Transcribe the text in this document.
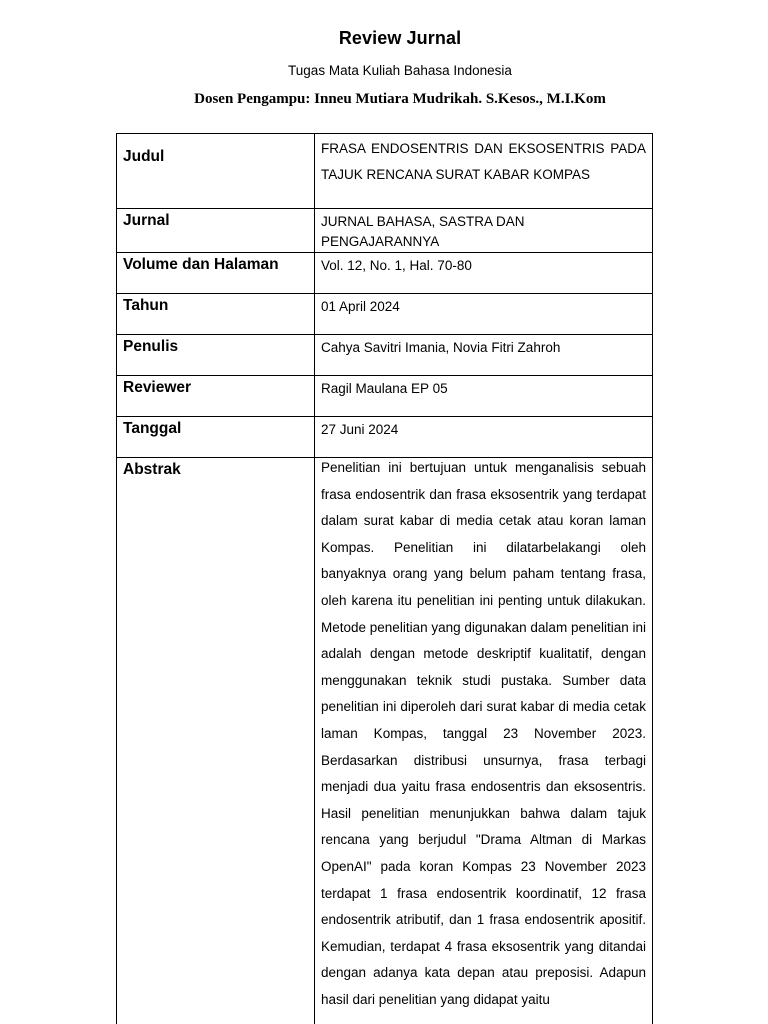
Review Jurnal
Tugas Mata Kuliah Bahasa Indonesia
Dosen Pengampu: Inneu Mutiara Mudrikah. S.Kesos., M.I.Kom
Judul	FRASA ENDOSENTRIS DAN EKSOSENTRIS PADA TAJUK RENCANA SURAT KABAR KOMPAS
Jurnal	JURNAL BAHASA, SASTRA DAN PENGAJARANNYA
Volume dan Halaman	Vol. 12, No. 1, Hal. 70-80
Tahun	01 April 2024
Penulis	Cahya Savitri Imania, Novia Fitri Zahroh
Reviewer	Ragil Maulana EP 05
Tanggal	27 Juni 2024
Abstrak	Penelitian ini bertujuan untuk menganalisis sebuah frasa endosentrik dan frasa eksosentrik yang terdapat dalam surat kabar di media cetak atau koran laman Kompas. Penelitian ini dilatarbelakangi oleh banyaknya orang yang belum paham tentang frasa, oleh karena itu penelitian ini penting untuk dilakukan. Metode penelitian yang digunakan dalam penelitian ini adalah dengan metode deskriptif kualitatif, dengan menggunakan teknik studi pustaka. Sumber data penelitian ini diperoleh dari surat kabar di media cetak laman Kompas, tanggal 23 November 2023. Berdasarkan distribusi unsurnya, frasa terbagi menjadi dua yaitu frasa endosentris dan eksosentris. Hasil penelitian menunjukkan bahwa dalam tajuk rencana yang berjudul "Drama Altman di Markas OpenAI" pada koran Kompas 23 November 2023 terdapat 1 frasa endosentrik koordinatif, 12 frasa endosentrik atributif, dan 1 frasa endosentrik apositif. Kemudian, terdapat 4 frasa eksosentrik yang ditandai dengan adanya kata depan atau preposisi. Adapun hasil dari penelitian yang didapat yaitu
